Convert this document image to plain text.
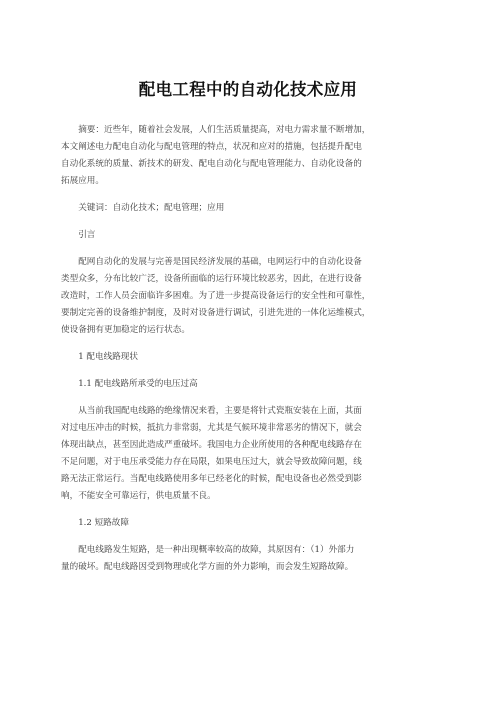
配电工程中的自动化技术应用
摘要：近些年，随着社会发展，人们生活质量提高，对电力需求量不断增加，
本文阐述电力配电自动化与配电管理的特点，状况和应对的措施，包括提升配电
自动化系统的质量、新技术的研发、配电自动化与配电管理能力、自动化设备的
拓展应用。
关键词：自动化技术；配电管理；应用
引言
配网自动化的发展与完善是国民经济发展的基础，电网运行中的自动化设备
类型众多，分布比较广泛，设备所面临的运行环境比较恶劣，因此，在进行设备
改造时，工作人员会面临许多困难。为了进一步提高设备运行的安全性和可靠性，
要制定完善的设备维护制度，及时对设备进行调试，引进先进的一体化运维模式，
使设备拥有更加稳定的运行状态。
1 配电线路现状
1.1 配电线路所承受的电压过高
从当前我国配电线路的绝缘情况来看，主要是将针式瓷瓶安装在上面，其面
对过电压冲击的时候，抵抗力非常弱，尤其是气候环境非常恶劣的情况下，就会
体现出缺点，甚至因此造成严重破坏。我国电力企业所使用的各种配电线路存在
不足问题，对于电压承受能力存在局限，如果电压过大，就会导致故障问题，线
路无法正常运行。当配电线路使用多年已经老化的时候，配电设备也必然受到影
响，不能安全可靠运行，供电质量不良。
1.2 短路故障
配电线路发生短路，是一种出现概率较高的故障，其原因有：（1）外部力
量的破坏。配电线路因受到物理或化学方面的外力影响，而会发生短路故障。
